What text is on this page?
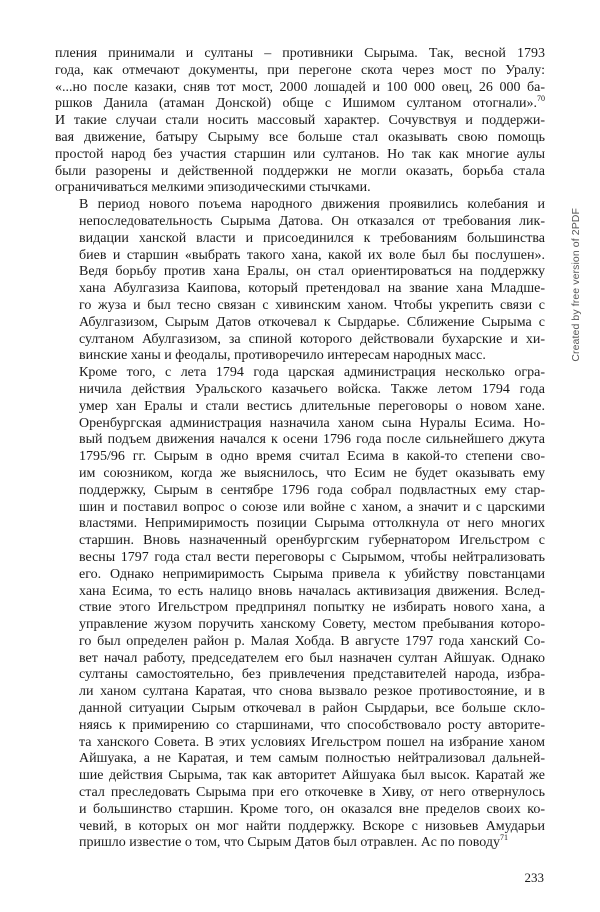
пления принимали и султаны – противники Сырыма. Так, весной 1793
года, как отмечают документы, при перегоне скота через мост по Уралу:
«...но после казаки, сняв тот мост, 2000 лошадей и 100 000 овец, 26 000 ба-
ршков Данила (атаман Донской) обще с Ишимом султаном отогнали».$^{70}$
И такие случаи стали носить массовый характер. Сочувствуя и поддержи-
вая движение, батыру Сырыму все больше стал оказывать свою помощь
простой народ без участия старшин или султанов. Но так как многие аулы
были разорены и действенной поддержки не могли оказать, борьба стала
ограничиваться мелкими эпизодическими стычками.
В период нового поъема народного движения проявились колебания и
непоследовательность Сырыма Датова. Он отказался от требования лик-
видации ханской власти и присоединился к требованиям большинства
биев и старшин «выбрать такого хана, какой их воле был бы послушен».
Ведя борьбу против хана Ералы, он стал ориентироваться на поддержку
хана Абулгазиза Каипова, который претендовал на звание хана Младше-
го жуза и был тесно связан с хивинским ханом. Чтобы укрепить связи с
Абулгазизом, Сырым Датов откочевал к Сырдарье. Сближение Сырыма с
султаном Абулгазизом, за спиной которого действовали бухарские и хи-
винские ханы и феодалы, противоречило интересам народных масс.
Кроме того, с лета 1794 года царская администрация несколько огра-
ничила действия Уральского казачьего войска. Также летом 1794 года
умер хан Ералы и стали вестись длительные переговоры о новом хане.
Оренбургская администрация назначила ханом сына Нуралы Есима. Но-
вый подъем движения начался к осени 1796 года после сильнейшего джута
1795/96 гг. Сырым в одно время считал Есима в какой-то степени сво-
им союзником, когда же выяснилось, что Есим не будет оказывать ему
поддержку, Сырым в сентябре 1796 года собрал подвластных ему стар-
шин и поставил вопрос о союзе или войне с ханом, а значит и с царскими
властями. Непримиримость позиции Сырыма оттолкнула от него многих
старшин. Вновь назначенный оренбургским губернатором Игельстром с
весны 1797 года стал вести переговоры с Сырымом, чтобы нейтрализовать
его. Однако непримиримость Сырыма привела к убийству повстанцами
хана Есима, то есть налицо вновь началась активизация движения. Вслед-
ствие этого Игельстром предпринял попытку не избирать нового хана, а
управление жузом поручить ханскому Совету, местом пребывания которо-
го был определен район р. Малая Хобда. В августе 1797 года ханский Со-
вет начал работу, председателем его был назначен султан Айшуак. Однако
султаны самостоятельно, без привлечения представителей народа, избра-
ли ханом султана Каратая, что снова вызвало резкое противостояние, и в
данной ситуации Сырым откочевал в район Сырдарьи, все больше скло-
няясь к примирению со старшинами, что способствовало росту авторите-
та ханского Совета. В этих условиях Игельстром пошел на избрание ханом
Айшуака, а не Каратая, и тем самым полностью нейтрализовал дальней-
шие действия Сырыма, так как авторитет Айшуака был высок. Каратай же
стал преследовать Сырыма при его откочевке в Хиву, от него отвернулось
и большинство старшин. Кроме того, он оказался вне пределов своих ко-
чевий, в которых он мог найти поддержку. Вскоре с низовьев Амударьи
пришло известие о том, что Сырым Датов был отравлен. Ас по поводу$^{71}$
Created by free version of 2PDF
233
